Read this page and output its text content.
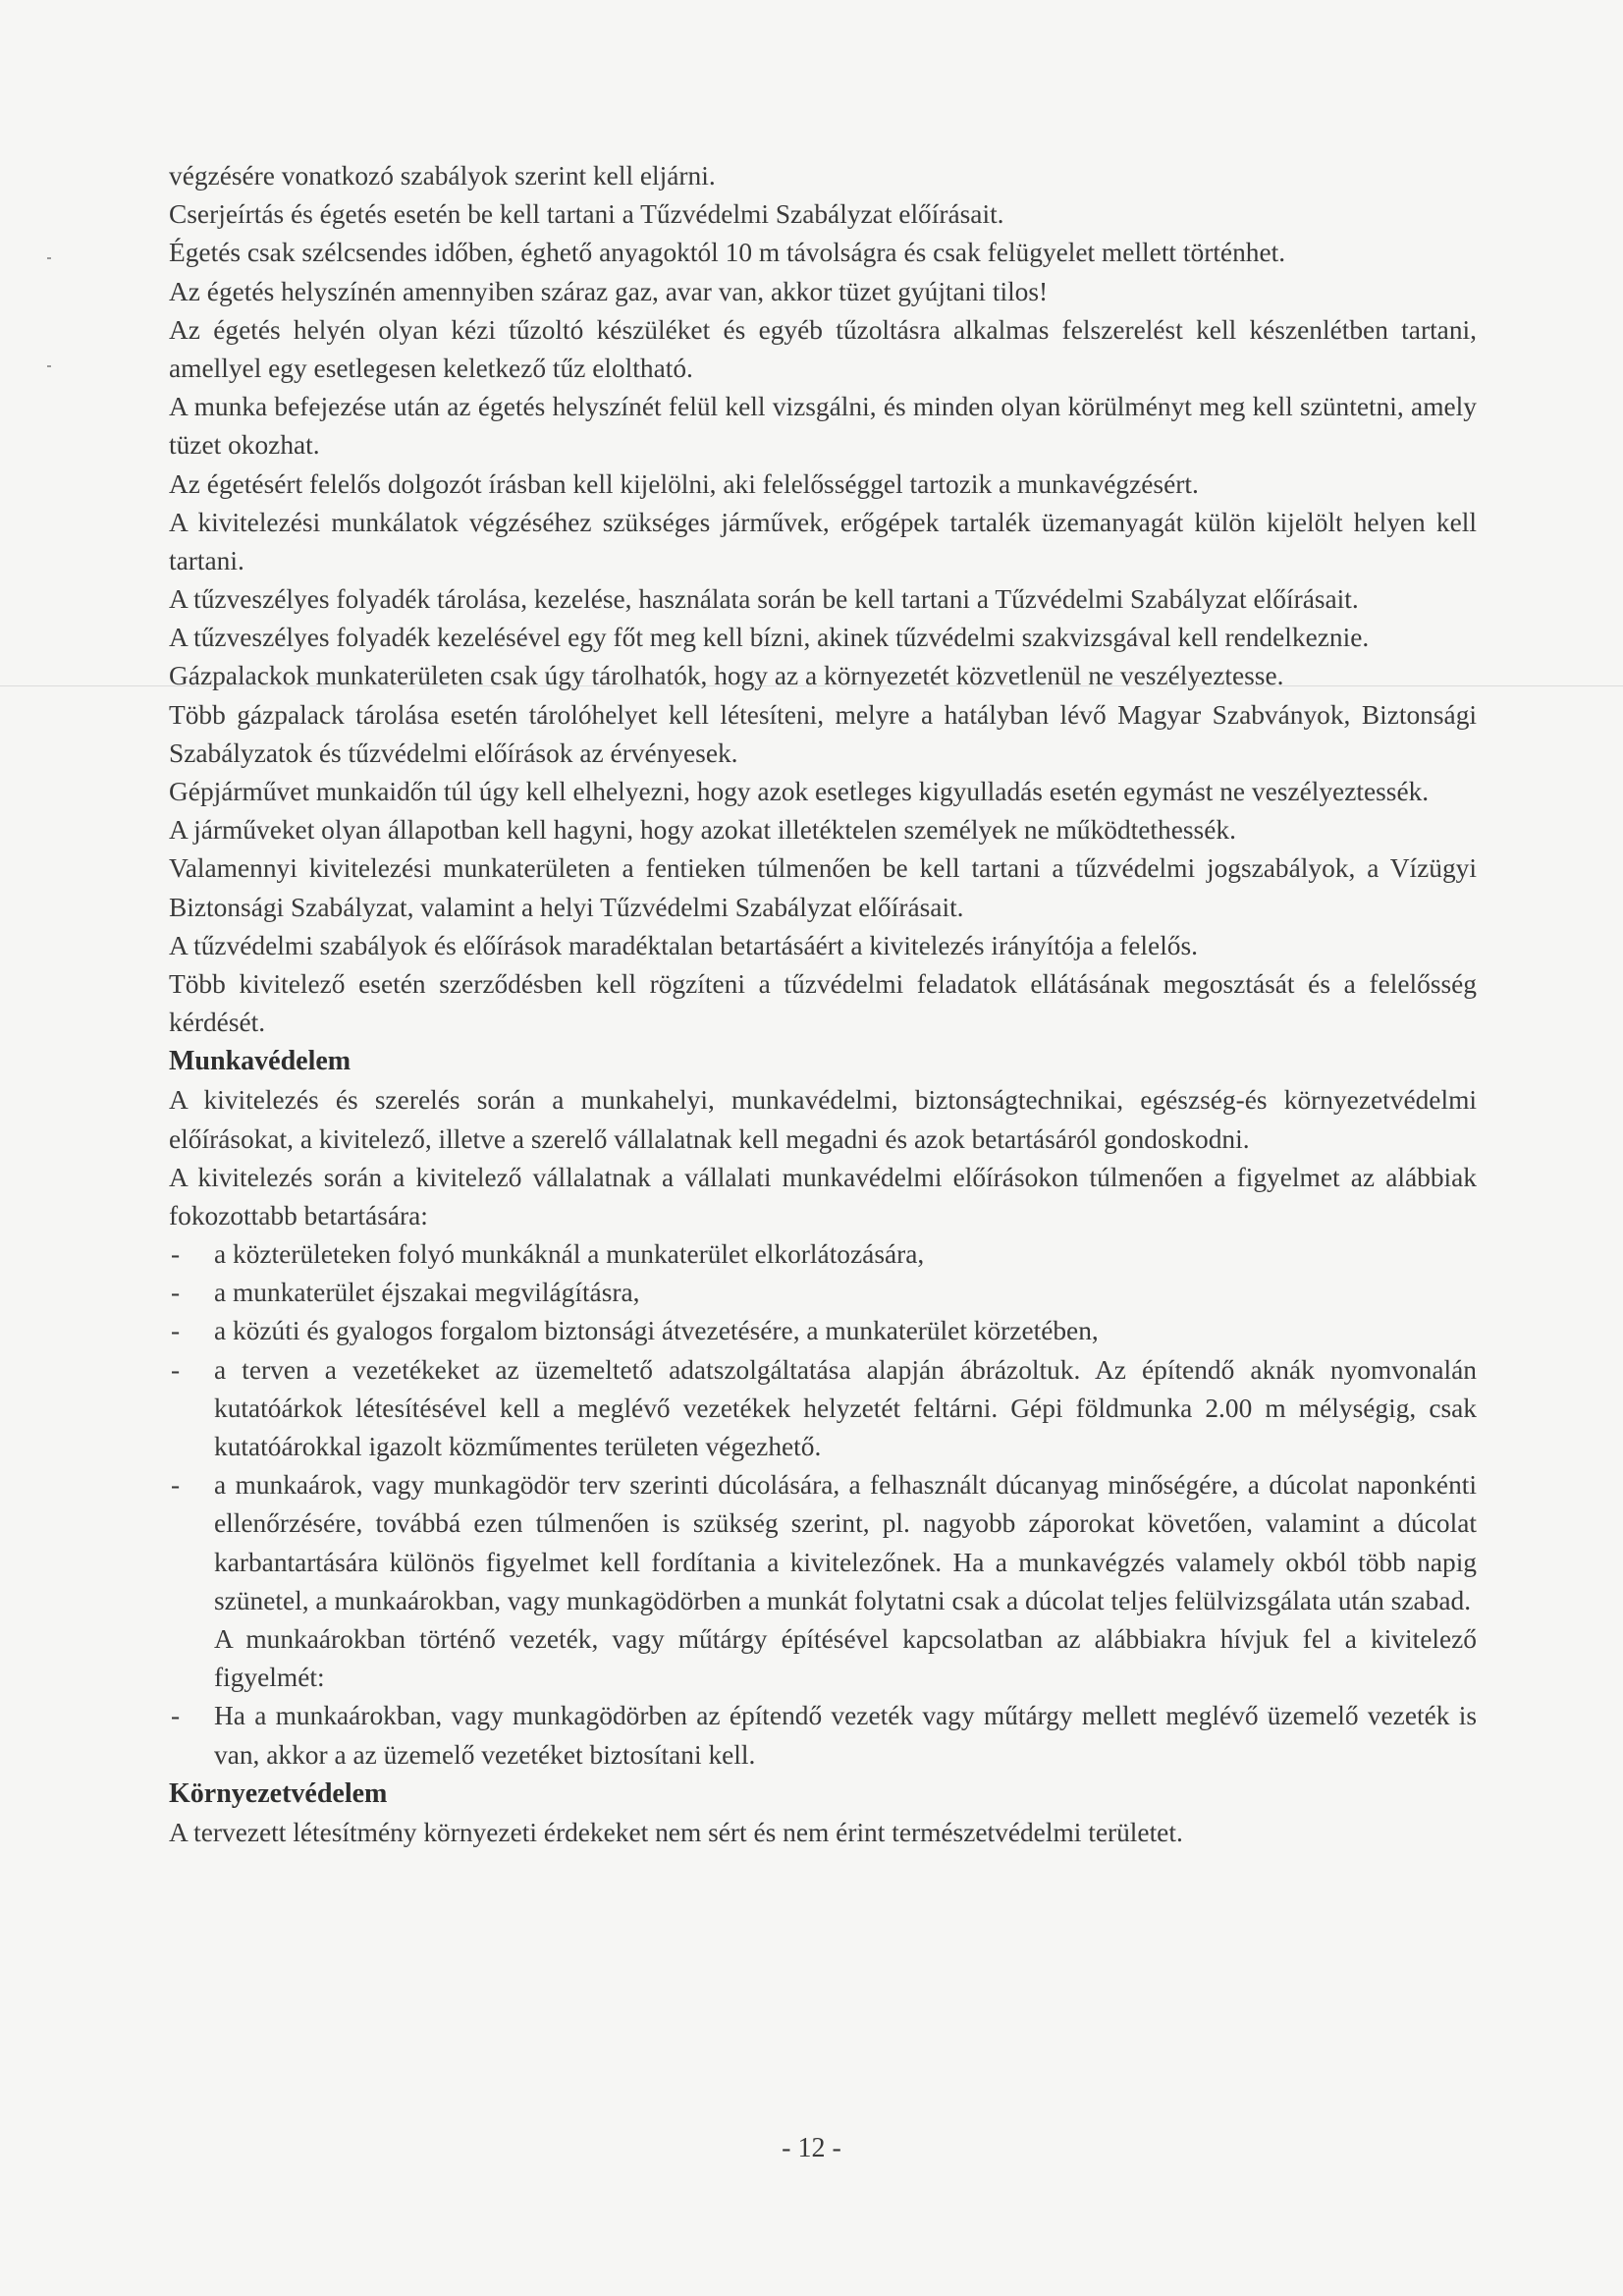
végzésére vonatkozó szabályok szerint kell eljárni.

Cserjeírtás és égetés esetén be kell tartani a Tűzvédelmi Szabályzat előírásait.

Égetés csak szélcsendes időben, éghető anyagoktól 10 m távolságra és csak felügyelet mellett történhet.

Az égetés helyszínén amennyiben száraz gaz, avar van, akkor tüzet gyújtani tilos!

Az égetés helyén olyan kézi tűzoltó készüléket és egyéb tűzoltásra alkalmas felszerelést kell készenlétben tartani, amellyel egy esetlegesen keletkező tűz eloltható.

A munka befejezése után az égetés helyszínét felül kell vizsgálni, és minden olyan körülményt meg kell szüntetni, amely tüzet okozhat.

Az égetésért felelős dolgozót írásban kell kijelölni, aki felelősséggel tartozik a munkavégzésért.

A kivitelezési munkálatok végzéséhez szükséges járművek, erőgépek tartalék üzemanyagát külön kijelölt helyen kell tartani.

A tűzveszélyes folyadék tárolása, kezelése, használata során be kell tartani a Tűzvédelmi Szabályzat előírásait.

A tűzveszélyes folyadék kezelésével egy főt meg kell bízni, akinek tűzvédelmi szakvizsgával kell rendelkeznie.

Gázpalackok munkaterületen csak úgy tárolhatók, hogy az a környezetét közvetlenül ne veszélyeztesse.

Több gázpalack tárolása esetén tárolóhelyet kell létesíteni, melyre a hatályban lévő Magyar Szabványok, Biztonsági Szabályzatok és tűzvédelmi előírások az érvényesek.

Gépjárművet munkaidőn túl úgy kell elhelyezni, hogy azok esetleges kigyulladás esetén egymást ne veszélyeztessék.

A járműveket olyan állapotban kell hagyni, hogy azokat illetéktelen személyek ne működtethessék.

Valamennyi kivitelezési munkaterületen a fentieken túlmenően be kell tartani a tűzvédelmi jogszabályok, a Vízügyi Biztonsági Szabályzat, valamint a helyi Tűzvédelmi Szabályzat előírásait.

A tűzvédelmi szabályok és előírások maradéktalan betartásáért a kivitelezés irányítója a felelős.

Több kivitelező esetén szerződésben kell rögzíteni a tűzvédelmi feladatok ellátásának megosztását és a felelősség kérdését.

Munkavédelem

A kivitelezés és szerelés során a munkahelyi, munkavédelmi, biztonságtechnikai, egészség-és környezetvédelmi előírásokat, a kivitelező, illetve a szerelő vállalatnak kell megadni és azok betartásáról gondoskodni.

A kivitelezés során a kivitelező vállalatnak a vállalati munkavédelmi előírásokon túlmenően a figyelmet az alábbiak fokozottabb betartására:

- a közterületeken folyó munkáknál a munkaterület elkorlátozására,
- a munkaterület éjszakai megvilágításra,
- a közúti és gyalogos forgalom biztonsági átvezetésére, a munkaterület körzetében,
- a terven a vezetékeket az üzemeltető adatszolgáltatása alapján ábrázoltuk. Az építendő aknák nyomvonalán kutatóárkok létesítésével kell a meglévő vezetékek helyzetét feltárni. Gépi földmunka 2.00 m mélységig, csak kutatóárokkal igazolt közműmentes területen végezhető.
- a munkaárok, vagy munkagödör terv szerinti dúcolására, a felhasznált dúcanyag minőségére, a dúcolat naponkénti ellenőrzésére, továbbá ezen túlmenően is szükség szerint, pl. nagyobb záporokat követően, valamint a dúcolat karbantartására különös figyelmet kell fordítania a kivitelezőnek. Ha a munkavégzés valamely okból több napig szünetel, a munkaárokban, vagy munkagödörben a munkát folytatni csak a dúcolat teljes felülvizsgálata után szabad.

A munkaárokban történő vezeték, vagy műtárgy építésével kapcsolatban az alábbiakra hívjuk fel a kivitelező figyelmét:

- Ha a munkaárokban, vagy munkagödörben az építendő vezeték vagy műtárgy mellett meglévő üzemelő vezeték is van, akkor a az üzemelő vezetéket biztosítani kell.
Környezetvédelem

A tervezett létesítmény környezeti érdekeket nem sért és nem érint természetvédelmi területet.

- 12 -
